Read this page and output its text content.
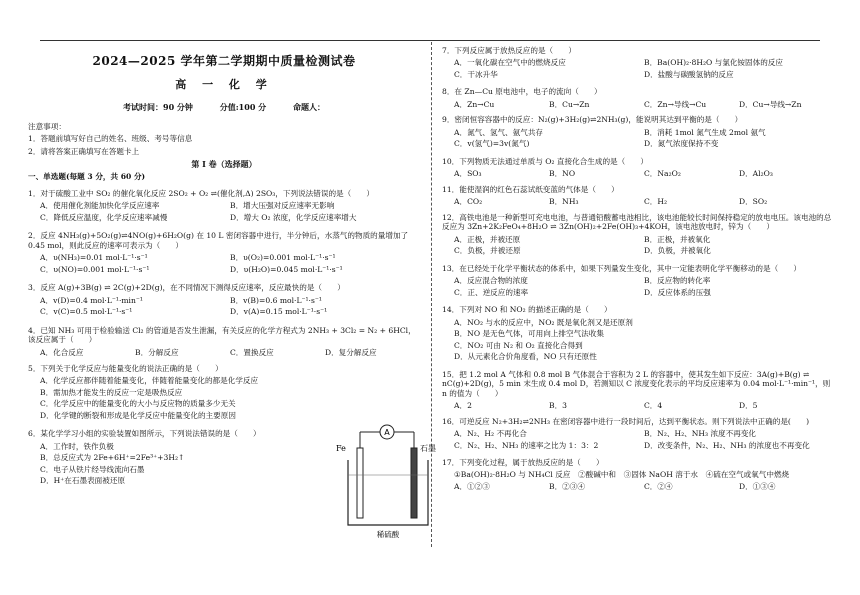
2024—2025 学年第二学期期中质量检测试卷
高 一 化 学
考试时间：90 分钟	分值:100 分	命题人：
注意事项：
1．答题前填写好自己的姓名、班级、考号等信息
2．请将答案正确填写在答题卡上
第 I 卷（选择题）
一、单选题(每题 3 分，共 60 分)
1．对于硫酸工业中 SO₂ 的催化氧化反应 2SO₂ + O₂ ⇌(催化剂,Δ) 2SO₃，下列说法错误的是（　　）
A．使用催化剂能加快化学反应速率	B．增大压强对反应速率无影响
C．降低反应温度，化学反应速率减慢	D．增大 O₂ 浓度，化学反应速率增大
2．反应 4NH₃(g)+5O₂(g)⇌4NO(g)+6H₂O(g) 在 10 L 密闭容器中进行，半分钟后，水蒸气的物质的量增加了 0.45 mol，则此反应的速率可表示为（　　）
A．υ(NH₃)=0.01 mol·L⁻¹·s⁻¹	B．υ(O₂)=0.001 mol·L⁻¹·s⁻¹
C．υ(NO)=0.001 mol·L⁻¹·s⁻¹	D．υ(H₂O)=0.045 mol·L⁻¹·s⁻¹
3．反应 A(g)+3B(g) ⇌ 2C(g)+2D(g)，在不同情况下测得反应速率，反应最快的是（　　）
A．v(D)=0.4 mol·L⁻¹·min⁻¹	B．v(B)=0.6 mol·L⁻¹·s⁻¹
C．v(C)=0.5 mol·L⁻¹·s⁻¹	D．v(A)=0.15 mol·L⁻¹·s⁻¹
4．已知 NH₃ 可用于检验输送 Cl₂ 的管道是否发生泄漏，有关反应的化学方程式为 2NH₃ + 3Cl₂ = N₂ + 6HCl，该反应属于（　　）
A．化合反应	B．分解反应	C．置换反应	D．复分解反应
5．下列关于化学反应与能量变化的说法正确的是（　　）
A．化学反应都伴随着能量变化，伴随着能量变化的都是化学反应
B．需加热才能发生的反应一定是吸热反应
C．化学反应中的能量变化的大小与反应物的质量多少无关
D．化学键的断裂和形成是化学反应中能量变化的主要原因
6．某化学学习小组的实验装置如图所示，下列说法错误的是（　　）
A．工作时，铁作负极
B．总反应式为 2Fe+6H⁺=2Fe³⁺+3H₂↑
C．电子从铁片经导线流向石墨
D．H⁺在石墨表面被还原
A
Fe	石墨
稀硫酸
7．下列反应属于放热反应的是（　　）
A．一氧化碳在空气中的燃烧反应	B．Ba(OH)₂·8H₂O 与氯化铵固体的反应
C．干冰升华	D．盐酸与碳酸氢钠的反应
8．在 Zn—Cu 原电池中，电子的流向（　　）
A．Zn→Cu	B．Cu→Zn	C．Zn→导线→Cu	D．Cu→导线→Zn
9．密闭恒容容器中的反应：N₂(g)+3H₂(g)⇌2NH₃(g)，能说明其达到平衡的是（　　）
A．氮气、氢气、氨气共存	B．消耗 1mol 氮气生成 2mol 氨气
C．v(氢气)=3v(氮气)	D．氮气浓度保持不变
10．下列物质无法通过单质与 O₂ 直接化合生成的是（　　）
A．SO₃	B．NO	C．Na₂O₂	D．Al₂O₃
11．能使湿润的红色石蕊试纸变蓝的气体是（　　）
A．CO₂	B．NH₃	C．H₂	D．SO₂
12．高铁电池是一种新型可充电电池，与普通铅酸蓄电池相比，该电池能较长时间保持稳定的放电电压。该电池的总反应为 3Zn+2K₂FeO₄+8H₂O ⇌ 3Zn(OH)₂+2Fe(OH)₃+4KOH，该电池放电时，锌为（　　）
A．正极，并被还原	B．正极，并被氧化
C．负极，并被还原	D．负极，并被氧化
13．在已经处于化学平衡状态的体系中，如果下列量发生变化，其中一定能表明化学平衡移动的是（　　）
A．反应混合物的浓度	B．反应物的转化率
C．正、逆反应的速率	D．反应体系的压强
14．下列对 NO 和 NO₂ 的描述正确的是（　　）
A．NO₂ 与水的反应中，NO₂ 既是氧化剂又是还原剂
B．NO 是无色气体，可用向上排空气法收集
C．NO₂ 可由 N₂ 和 O₂ 直接化合得到
D．从元素化合价角度看，NO 只有还原性
15．把 1.2 mol A 气体和 0.8 mol B 气体混合于容积为 2 L 的容器中，使其发生如下反应：3A(g)+B(g) ⇌ nC(g)+2D(g)，5 min 末生成 0.4 mol D，若测知以 C 浓度变化表示的平均反应速率为 0.04 mol·L⁻¹·min⁻¹，则 n 的值为（　　）
A．2	B．3	C．4	D．5
16．可逆反应 N₂+3H₂⇌2NH₃ 在密闭容器中进行一段时间后，达到平衡状态。则下列说法中正确的是(　　)
A．N₂、H₂ 不再化合	B．N₂、H₂、NH₃ 浓度不再变化
C．N₂、H₂、NH₃ 的速率之比为 1：3：2	D．改变条件，N₂、H₂、NH₃ 的浓度也不再变化
17．下列变化过程，属于放热反应的是（　　）
①Ba(OH)₂·8H₂O 与 NH₄Cl 反应　②酸碱中和　③固体 NaOH 溶于水　④硫在空气或氧气中燃烧
A．①②③	B．②③④	C．②④	D．①③④
